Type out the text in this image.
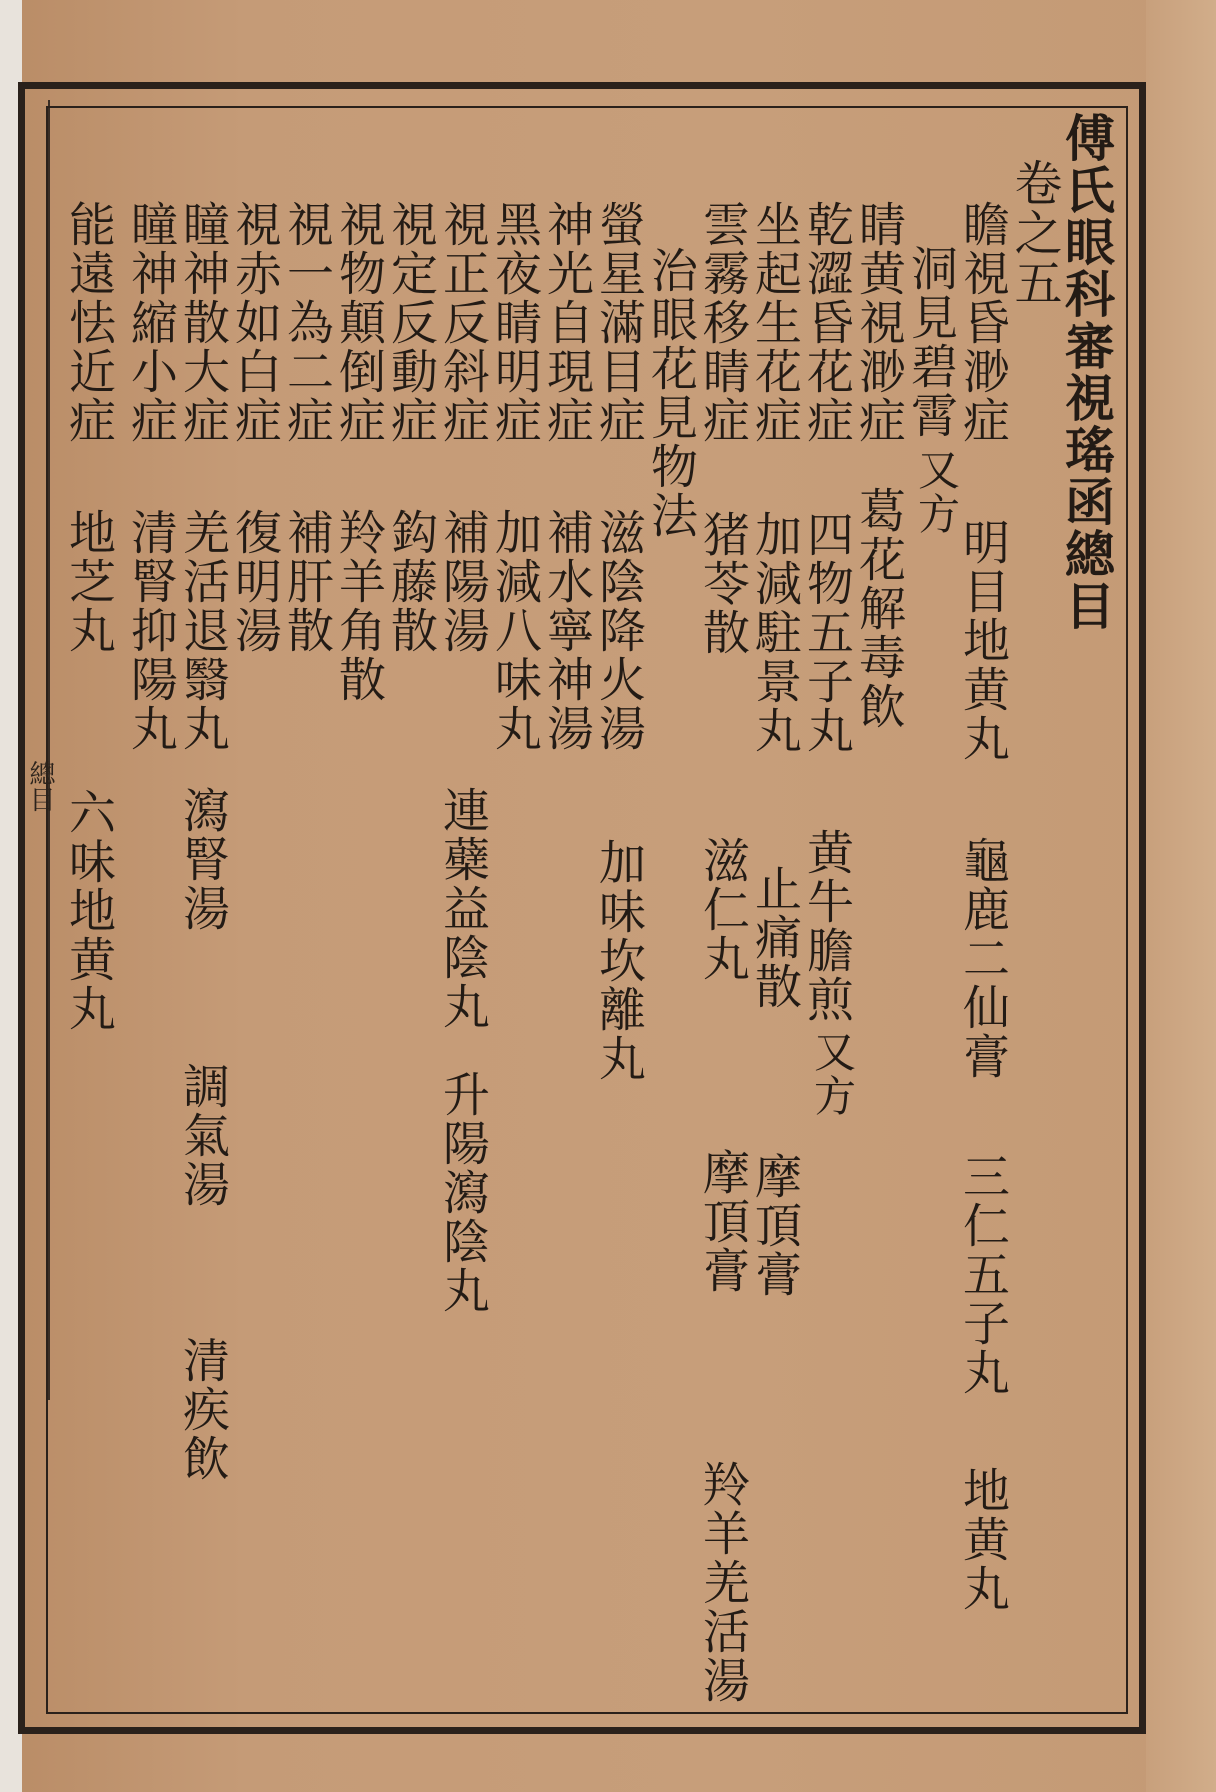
總目
傅氏眼科審視瑤函總目
卷之五
瞻視昏渺症
洞見碧霄
又方
睛黄視渺症
乾澀昏花症
坐起生花症
雲霧移睛症
治眼花見物法
螢星滿目症
神光自現症
黑夜睛明症
視正反斜症
視定反動症
視物顛倒症
視一為二症
視赤如白症
瞳神散大症
瞳神縮小症
能遠怯近症
明目地黄丸
龜鹿二仙膏
三仁五子丸
地黄丸
葛花解毒飲
四物五子丸
黄牛膽煎
又方
加減駐景丸
止痛散
摩頂膏
猪苓散
滋仁丸
摩頂膏
羚羊羌活湯
滋陰降火湯
加味坎離丸
補水寧神湯
加減八味丸
補陽湯
連蘗益陰丸
升陽瀉陰丸
鈎藤散
羚羊角散
補肝散
復明湯
羌活退翳丸
瀉腎湯
調氣湯
清疾飲
清腎抑陽丸
地芝丸
六味地黄丸
